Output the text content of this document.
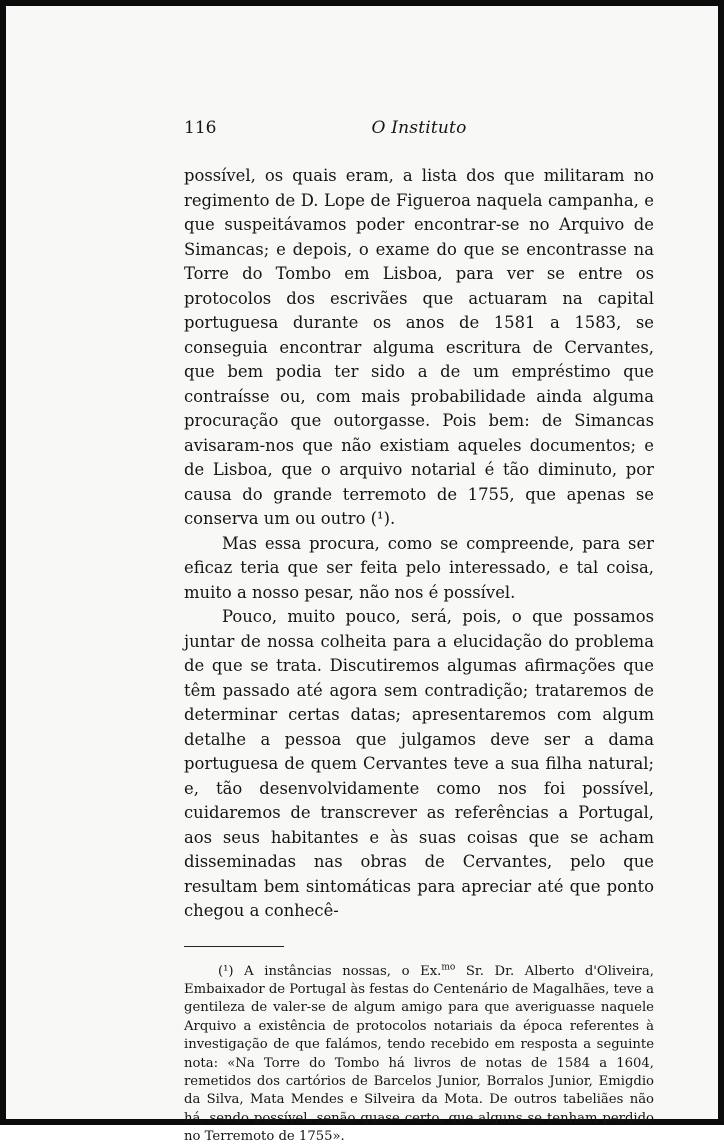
116	O Instituto

possível, os quais eram, a lista dos que militaram no regimento de D. Lope de Figueroa naquela campanha, e que suspeitávamos poder encontrar-se no Arquivo de Simancas; e depois, o exame do que se encontrasse na Torre do Tombo em Lisboa, para ver se entre os protocolos dos escrivães que actuaram na capital portuguesa durante os anos de 1581 a 1583, se conseguia encontrar alguma escritura de Cervantes, que bem podia ter sido a de um empréstimo que contraísse ou, com mais probabilidade ainda alguma procuração que outorgasse. Pois bem: de Simancas avisaram-nos que não existiam aqueles documentos; e de Lisboa, que o arquivo notarial é tão diminuto, por causa do grande terremoto de 1755, que apenas se conserva um ou outro (¹).

Mas essa procura, como se compreende, para ser eficaz teria que ser feita pelo interessado, e tal coisa, muito a nosso pesar, não nos é possível.

Pouco, muito pouco, será, pois, o que possamos juntar de nossa colheita para a elucidação do problema de que se trata. Discutiremos algumas afirmações que têm passado até agora sem contradição; trataremos de determinar certas datas; apresentaremos com algum detalhe a pessoa que julgamos deve ser a dama portuguesa de quem Cervantes teve a sua filha natural; e, tão desenvolvidamente como nos foi possível, cuidaremos de transcrever as referências a Portugal, aos seus habitantes e às suas coisas que se acham disseminadas nas obras de Cervantes, pelo que resultam bem sintomáticas para apreciar até que ponto chegou a conhecê-

(¹) A instâncias nossas, o Ex.$^{mo}$ Sr. Dr. Alberto d'Oliveira, Embaixador de Portugal às festas do Centenário de Magalhães, teve a gentileza de valer-se de algum amigo para que averiguasse naquele Arquivo a existência de protocolos notariais da época referentes à investigação de que falámos, tendo recebido em resposta a seguinte nota: «Na Torre do Tombo há livros de notas de 1584 a 1604, remetidos dos cartórios de Barcelos Junior, Borralos Junior, Emigdio da Silva, Mata Mendes e Silveira da Mota. De outros tabeliães não há, sendo possível, senão quase certo, que alguns se tenham perdido no Terremoto de 1755».
